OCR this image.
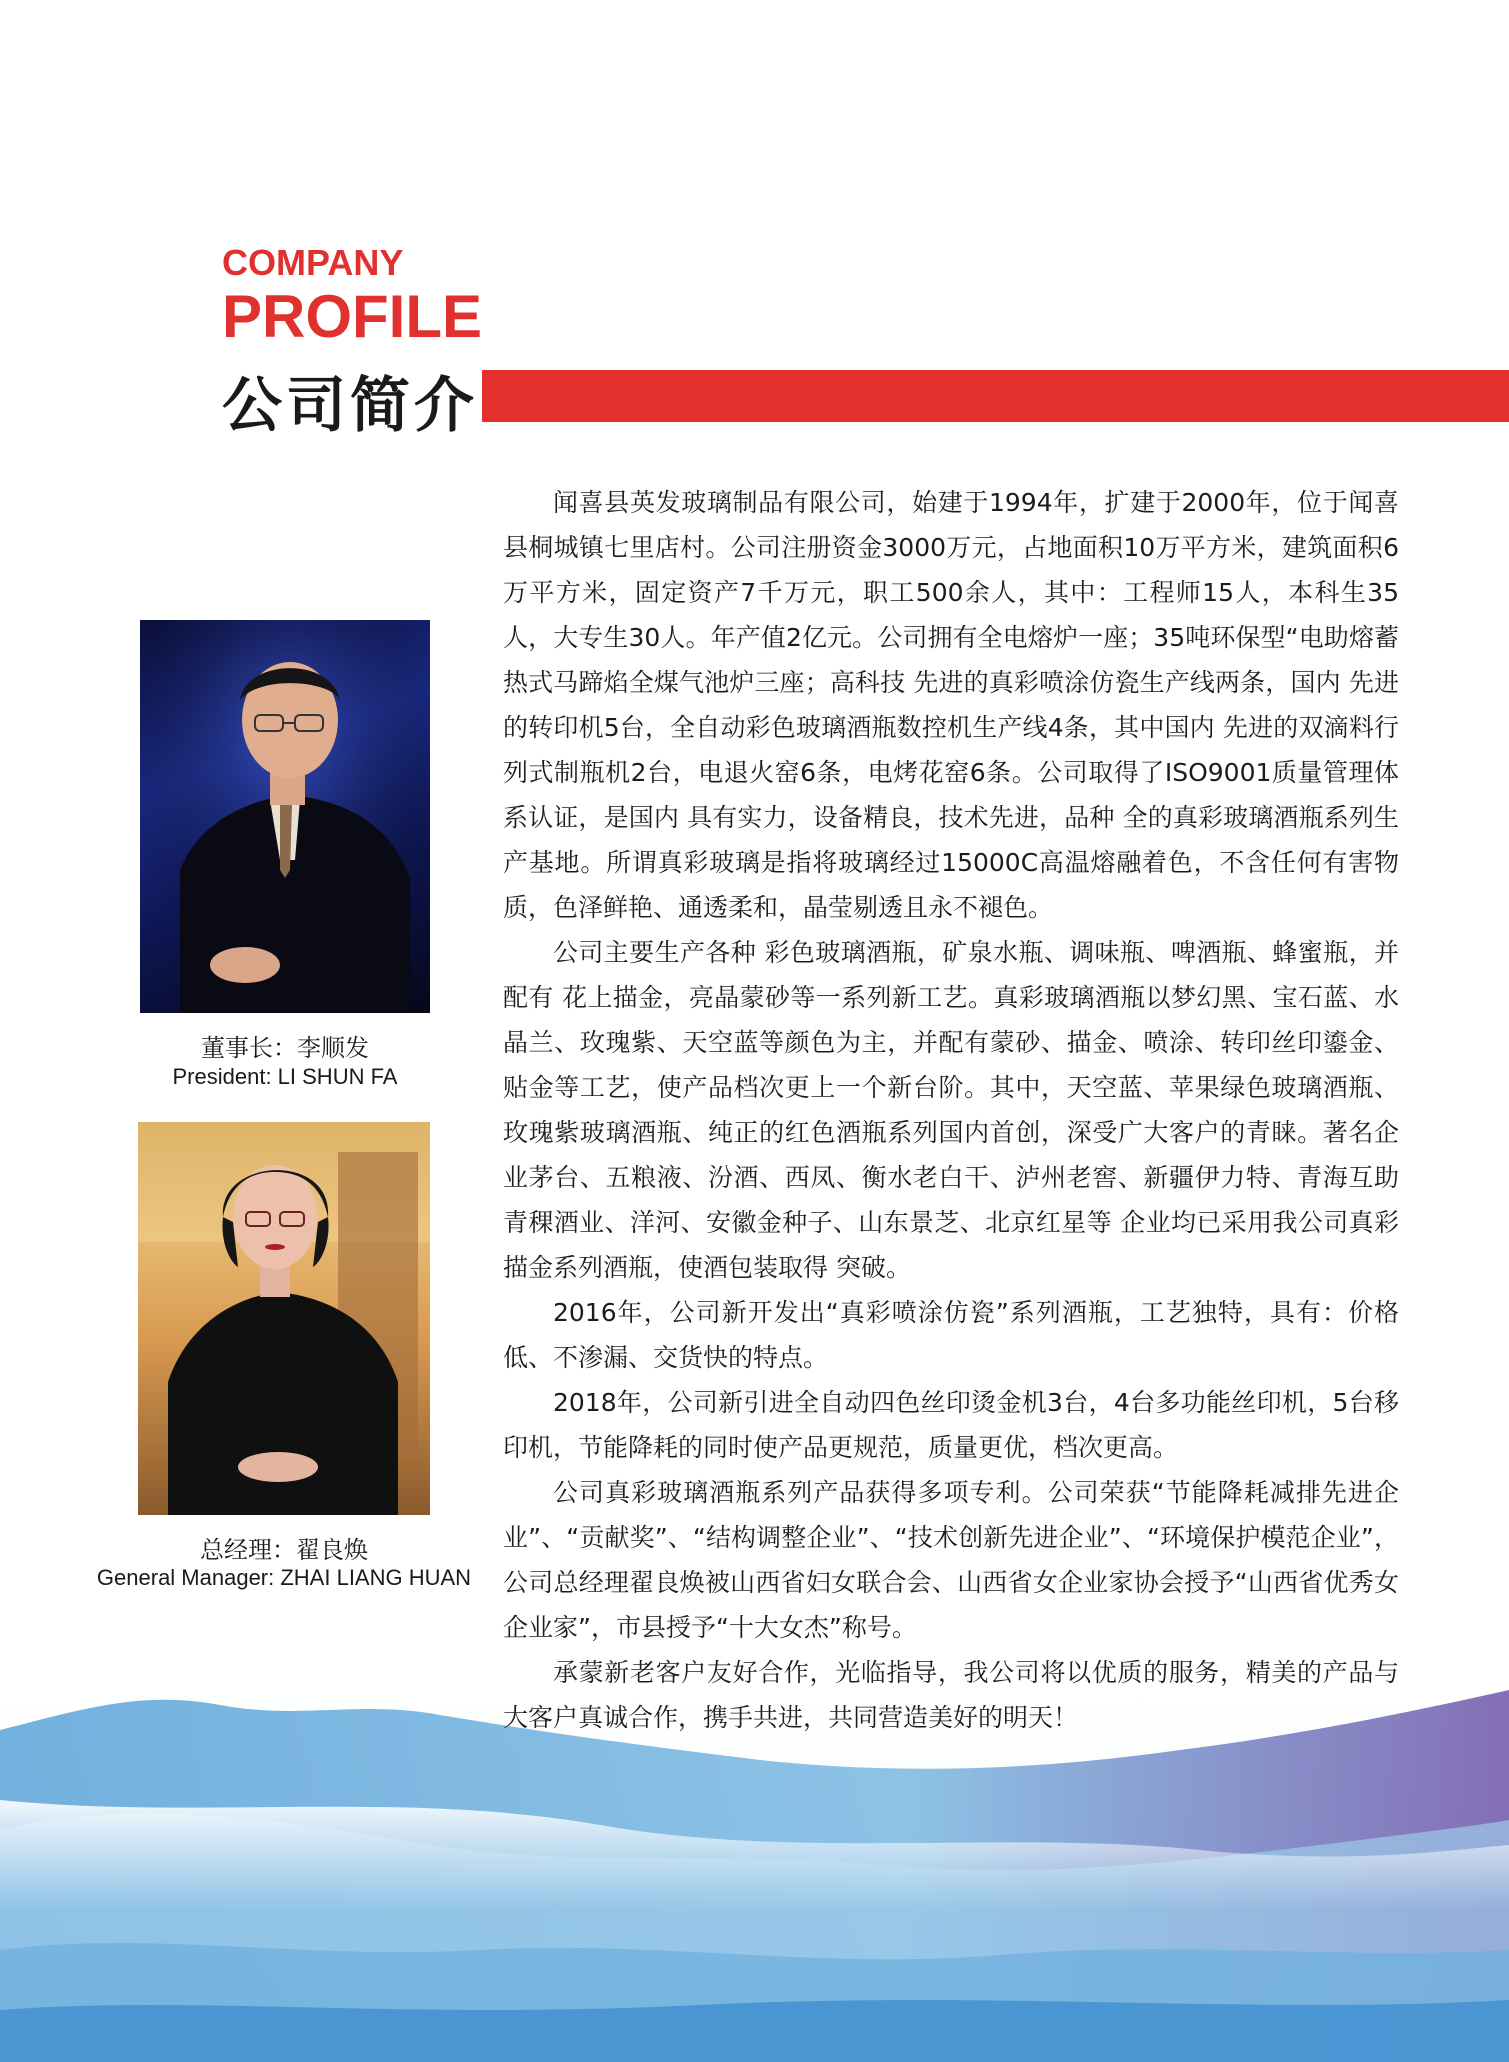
COMPANY
PROFILE
公司简介
董事长：李顺发
President: LI SHUN FA
总经理：翟良焕
General Manager: ZHAI LIANG HUAN

闻喜县英发玻璃制品有限公司，始建于1994年，扩建于2000年，位于闻喜县桐城镇七里店村。公司注册资金3000万元，占地面积10万平方米，建筑面积6万平方米，固定资产7千万元，职工500余人，其中：工程师15人，本科生35人，大专生30人。年产值2亿元。公司拥有全电熔炉一座；35吨环保型“电助熔蓄热式马蹄焰全煤气池炉三座；高科技 先进的真彩喷涂仿瓷生产线两条，国内 先进的转印机5台，全自动彩色玻璃酒瓶数控机生产线4条，其中国内 先进的双滴料行列式制瓶机2台，电退火窑6条，电烤花窑6条。公司取得了ISO9001质量管理体系认证，是国内 具有实力，设备精良，技术先进，品种 全的真彩玻璃酒瓶系列生产基地。所谓真彩玻璃是指将玻璃经过15000C高温熔融着色，不含任何有害物质，色泽鲜艳、通透柔和，晶莹剔透且永不褪色。

公司主要生产各种 彩色玻璃酒瓶，矿泉水瓶、调味瓶、啤酒瓶、蜂蜜瓶，并配有 花上描金，亮晶蒙砂等一系列新工艺。真彩玻璃酒瓶以梦幻黑、宝石蓝、水晶兰、玫瑰紫、天空蓝等颜色为主，并配有蒙砂、描金、喷涂、转印丝印鎏金、贴金等工艺，使产品档次更上一个新台阶。其中，天空蓝、苹果绿色玻璃酒瓶、玫瑰紫玻璃酒瓶、纯正的红色酒瓶系列国内首创，深受广大客户的青睐。著名企业茅台、五粮液、汾酒、西凤、衡水老白干、泸州老窖、新疆伊力特、青海互助青稞酒业、洋河、安徽金种子、山东景芝、北京红星等 企业均已采用我公司真彩描金系列酒瓶，使酒包装取得 突破。

2016年，公司新开发出“真彩喷涂仿瓷”系列酒瓶，工艺独特，具有：价格低、不渗漏、交货快的特点。

2018年，公司新引进全自动四色丝印烫金机3台，4台多功能丝印机，5台移印机，节能降耗的同时使产品更规范，质量更优，档次更高。

公司真彩玻璃酒瓶系列产品获得多项专利。公司荣获“节能降耗减排先进企业”、“贡献奖”、“结构调整企业”、“技术创新先进企业”、“环境保护模范企业”，公司总经理翟良焕被山西省妇女联合会、山西省女企业家协会授予“山西省优秀女企业家”，市县授予“十大女杰”称号。

承蒙新老客户友好合作，光临指导，我公司将以优质的服务，精美的产品与大客户真诚合作，携手共进，共同营造美好的明天！
